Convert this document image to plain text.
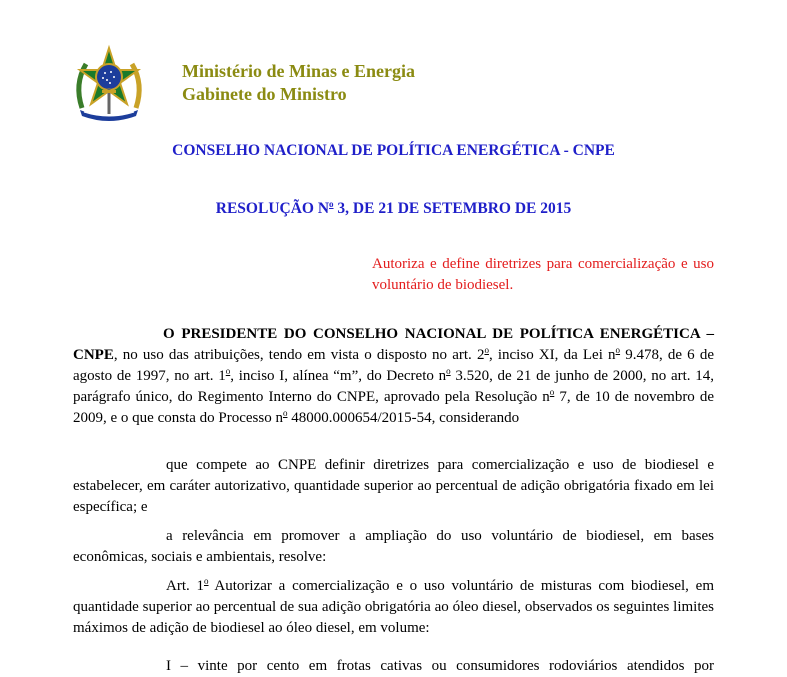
Ministério de Minas e Energia
Gabinete do Ministro
CONSELHO NACIONAL DE POLÍTICA ENERGÉTICA - CNPE
RESOLUÇÃO $N^o$ 3, DE 21 DE SETEMBRO DE 2015
Autoriza e define diretrizes para comercialização e uso voluntário de biodiesel.
O PRESIDENTE DO CONSELHO NACIONAL DE POLÍTICA ENERGÉTICA – CNPE, no uso das atribuições, tendo em vista o disposto no art. 2$^o$, inciso XI, da Lei $n^o$ 9.478, de 6 de agosto de 1997, no art. 1$^o$, inciso I, alínea “m”, do Decreto $n^o$ 3.520, de 21 de junho de 2000, no art. 14, parágrafo único, do Regimento Interno do CNPE, aprovado pela Resolução $n^o$ 7, de 10 de novembro de 2009, e o que consta do Processo $n^o$ 48000.000654/2015-54, considerando
que compete ao CNPE definir diretrizes para comercialização e uso de biodiesel e estabelecer, em caráter autorizativo, quantidade superior ao percentual de adição obrigatória fixado em lei específica; e
a relevância em promover a ampliação do uso voluntário de biodiesel, em bases econômicas, sociais e ambientais, resolve:
Art. 1$^o$ Autorizar a comercialização e o uso voluntário de misturas com biodiesel, em quantidade superior ao percentual de sua adição obrigatória ao óleo diesel, observados os seguintes limites máximos de adição de biodiesel ao óleo diesel, em volume:
I – vinte por cento em frotas cativas ou consumidores rodoviários atendidos por
